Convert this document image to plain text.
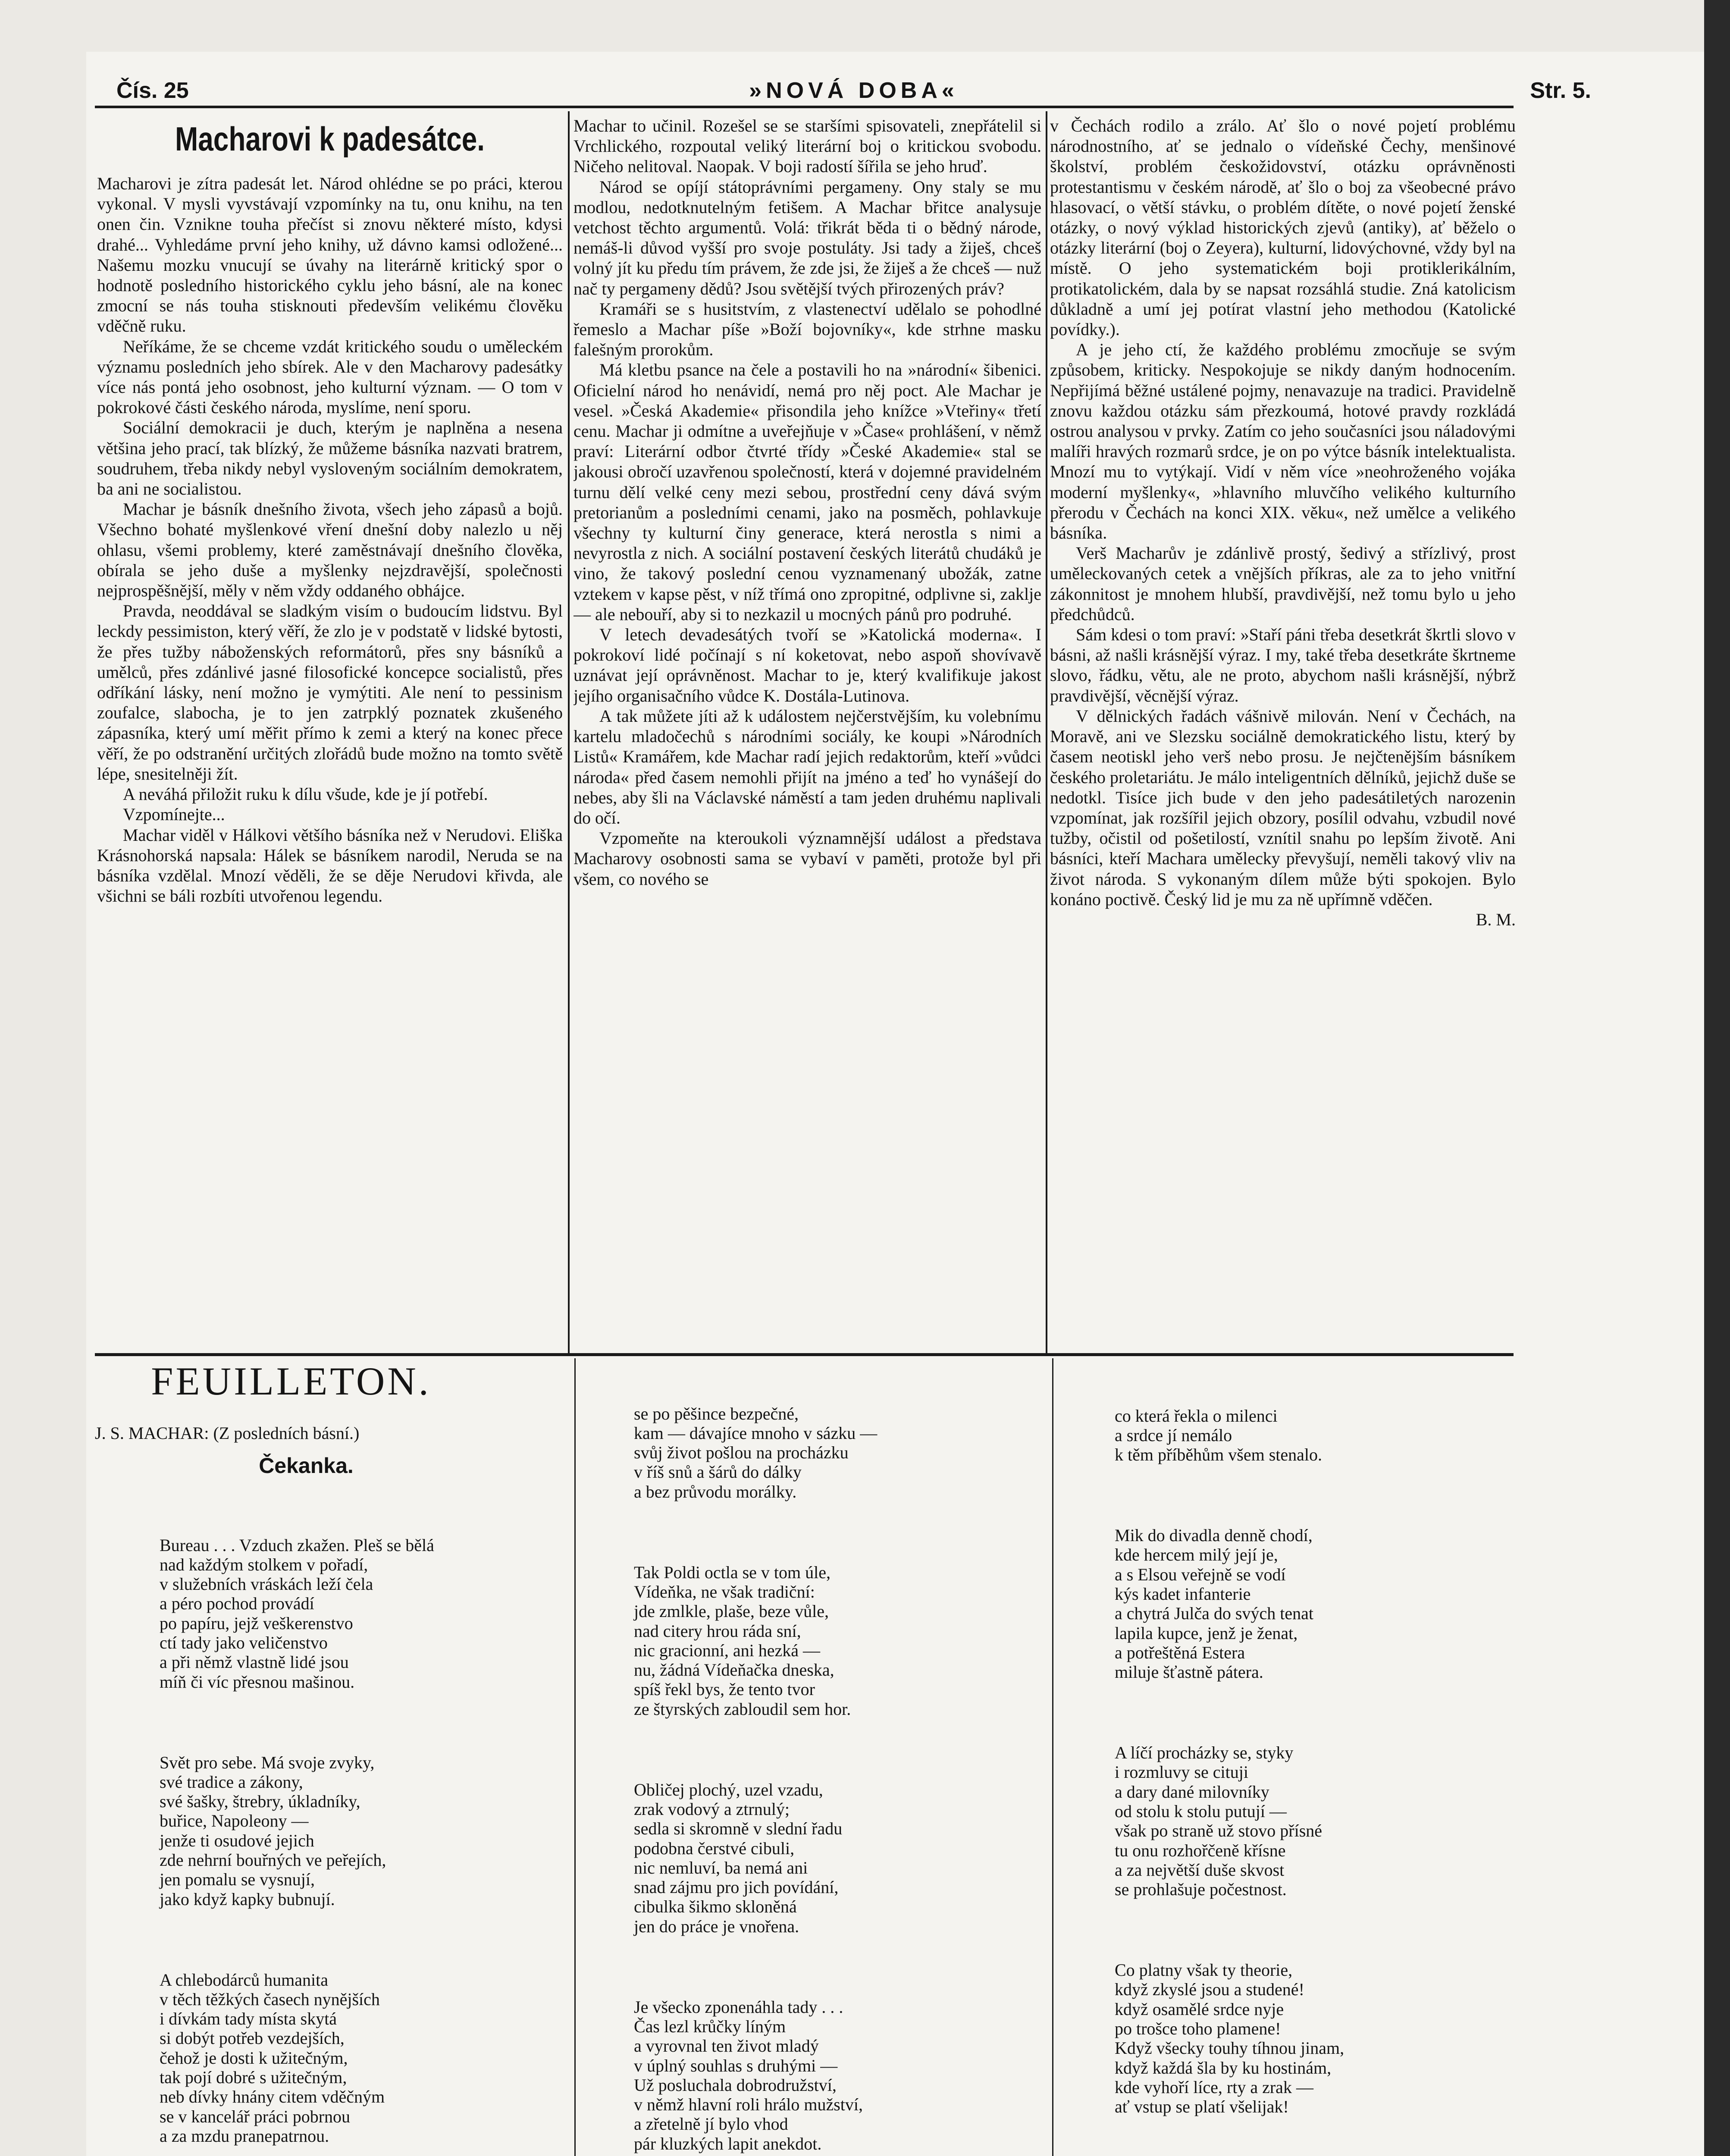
Čís. 25	»NOVÁ DOBA«	Str. 5.
Macharovi k padesátce.

Macharovi je zítra padesát let. Národ ohlédne se po práci, kterou vykonal. V mysli vyvstávají vzpomínky na tu, onu knihu, na ten onen čin. Vznikne touha přečíst si znovu některé místo, kdysi drahé... Vyhledáme první jeho knihy, už dávno kamsi odložené... Našemu mozku vnucují se úvahy na literárně kritický spor o hodnotě posledního historického cyklu jeho básní, ale na konec zmocní se nás touha stisknouti především velikému člověku vděčně ruku.

Neříkáme, že se chceme vzdát kritického soudu o uměleckém významu posledních jeho sbírek. Ale v den Macharovy padesátky více nás pontá jeho osobnost, jeho kulturní význam. — O tom v pokrokové části českého národa, myslíme, není sporu.

Sociální demokracii je duch, kterým je naplněna a nesena většina jeho prací, tak blízký, že můžeme básníka nazvati bratrem, soudruhem, třeba nikdy nebyl vysloveným sociálním demokratem, ba ani ne socialistou.

Machar je básník dnešního života, všech jeho zápasů a bojů. Všechno bohaté myšlenkové vření dnešní doby nalezlo u něj ohlasu, všemi problemy, které zaměstnávají dnešního člověka, obírala se jeho duše a myšlenky nejzdravější, společnosti nejprospěšnější, měly v něm vždy oddaného obhájce.

Pravda, neoddával se sladkým visím o budoucím lidstvu. Byl leckdy pessimiston, který věří, že zlo je v podstatě v lidské bytosti, že přes tužby náboženských reformátorů, přes sny básníků a umělců, přes zdánlivé jasné filosofické koncepce socialistů, přes odříkání lásky, není možno je vymýtiti. Ale není to pessinism zoufalce, slabocha, je to jen zatrpklý poznatek zkušeného zápasníka, který umí měřit přímo k zemi a který na konec přece věří, že po odstranění určitých zlořádů bude možno na tomto světě lépe, snesitelněji žít.

A neváhá přiložit ruku k dílu všude, kde je jí potřebí.

Vzpomínejte...

Machar viděl v Hálkovi většího básníka než v Nerudovi. Eliška Krásnohorská napsala: Hálek se básníkem narodil, Neruda se na básníka vzdělal. Mnozí věděli, že se děje Nerudovi křivda, ale všichni se báli rozbíti utvořenou legendu.

Machar to učinil. Rozešel se se staršími spisovateli, znepřátelil si Vrchlického, rozpoutal veliký literární boj o kritickou svobodu. Ničeho nelitoval. Naopak. V boji radostí šířila se jeho hruď.

Národ se opíjí státoprávními pergameny. Ony staly se mu modlou, nedotknutelným fetišem. A Machar břitce analysuje vetchost těchto argumentů. Volá: třikrát běda ti o bědný národe, nemáš-li důvod vyšší pro svoje postuláty. Jsi tady a žiješ, chceš volný jít ku předu tím právem, že zde jsi, že žiješ a že chceš — nuž nač ty pergameny dědů? Jsou světější tvých přirozených práv?

Kramáři se s husitstvím, z vlastenectví udělalo se pohodlné řemeslo a Machar píše »Boží bojovníky«, kde strhne masku falešným prorokům.

Má kletbu psance na čele a postavili ho na »národní« šibenici. Oficielní národ ho nenávidí, nemá pro něj poct. Ale Machar je vesel. »Česká Akademie« přisondila jeho knížce »Vteřiny« třetí cenu. Machar ji odmítne a uveřejňuje v »Čase« prohlášení, v němž praví: Literární odbor čtvrté třídy »České Akademie« stal se jakousi obročí uzavřenou společností, která v dojemné pravidelném turnu dělí velké ceny mezi sebou, prostřední ceny dává svým pretorianům a posledními cenami, jako na posměch, pohlavkuje všechny ty kulturní činy generace, která nerostla s nimi a nevyrostla z nich. A sociální postavení českých literátů chudáků je vino, že takový poslední cenou vyznamenaný ubožák, zatne vztekem v kapse pěst, v níž třímá ono zpropitné, odplivne si, zaklje — ale nebouří, aby si to nezkazil u mocných pánů pro podruhé.

V letech devadesátých tvoří se »Katolická moderna«. I pokrokoví lidé počínají s ní koketovat, nebo aspoň shovívavě uznávat její oprávněnost. Machar to je, který kvalifikuje jakost jejího organisačního vůdce K. Dostála-Lutinova.

A tak můžete jíti až k událostem nejčerstvějším, ku volebnímu kartelu mladočechů s národními sociály, ke koupi »Národních Listů« Kramářem, kde Machar radí jejich redaktorům, kteří »vůdci národa« před časem nemohli přijít na jméno a teď ho vynášejí do nebes, aby šli na Václavské náměstí a tam jeden druhému naplivali do očí.

Vzpomeňte na kteroukoli významnější událost a představa Macharovy osobnosti sama se vybaví v paměti, protože byl při všem, co nového se

v Čechách rodilo a zrálo. Ať šlo o nové pojetí problému národnostního, ať se jednalo o vídeňské Čechy, menšinové školství, problém českožidovství, otázku oprávněnosti protestantismu v českém národě, ať šlo o boj za všeobecné právo hlasovací, o větší stávku, o problém dítěte, o nové pojetí ženské otázky, o nový výklad historických zjevů (antiky), ať běželo o otázky literární (boj o Zeyera), kulturní, lidovýchovné, vždy byl na místě. O jeho systematickém boji protiklerikálním, protikatolickém, dala by se napsat rozsáhlá studie. Zná katolicism důkladně a umí jej potírat vlastní jeho methodou (Katolické povídky.).

A je jeho ctí, že každého problému zmocňuje se svým způsobem, kriticky. Nespokojuje se nikdy daným hodnocením. Nepřijímá běžné ustálené pojmy, nenavazuje na tradici. Pravidelně znovu každou otázku sám přezkoumá, hotové pravdy rozkládá ostrou analysou v prvky. Zatím co jeho současníci jsou náladovými malíři hravých rozmarů srdce, je on po výtce básník intelektualista. Mnozí mu to vytýkají. Vidí v něm více »neohroženého vojáka moderní myšlenky«, »hlavního mluvčího velikého kulturního přerodu v Čechách na konci XIX. věku«, než umělce a velikého básníka.

Verš Macharův je zdánlivě prostý, šedivý a střízlivý, prost uměleckovaných cetek a vnějších příkras, ale za to jeho vnitřní zákonnitost je mnohem hlubší, pravdivější, než tomu bylo u jeho předchůdců.

Sám kdesi o tom praví: »Staří páni třeba desetkrát škrtli slovo v básni, až našli krásnější výraz. I my, také třeba desetkráte škrtneme slovo, řádku, větu, ale ne proto, abychom našli krásnější, nýbrž pravdivější, věcnější výraz.

V dělnických řadách vášnivě milován. Není v Čechách, na Moravě, ani ve Slezsku sociálně demokratického listu, který by časem neotiskl jeho verš nebo prosu. Je nejčtenějším básníkem českého proletariátu. Je málo inteligentních dělníků, jejichž duše se nedotkl. Tisíce jich bude v den jeho padesátiletých narozenin vzpomínat, jak rozšířil jejich obzory, posílil odvahu, vzbudil nové tužby, očistil od pošetilostí, vznítil snahu po lepším životě. Ani básníci, kteří Machara umělecky převyšují, neměli takový vliv na život národa. S vykonaným dílem může býti spokojen. Bylo konáno poctivě. Český lid je mu za ně upřímně vděčen.

B. M.
FEUILLETON.
J. S. MACHAR: (Z posledních básní.)
Čekanka.

Bureau . . . Vzduch zkažen. Pleš se bělá
nad každým stolkem v pořadí,
v služebních vráskách leží čela
a péro pochod provádí
po papíru, jejž veškerenstvo
ctí tady jako veličenstvo
a při němž vlastně lidé jsou
míň či víc přesnou mašinou.

Svět pro sebe. Má svoje zvyky,
své tradice a zákony,
své šašky, štrebry, úkladníky,
buřice, Napoleony —
jenže ti osudové jejich
zde nehrní bouřných ve peřejích,
jen pomalu se vysnují,
jako když kapky bubnují.

A chlebodárců humanita
v těch těžkých časech nynějších
i dívkám tady místa skytá
si dobýt potřeb vezdejších,
čehož je dosti k užitečným,
tak pojí dobré s užitečným,
neb dívky hnány citem vděčným
se v kancelář práci pobrnou
a za mzdu pranepatrnou.

se po pěšince bezpečné,
kam — dávajíce mnoho v sázku —
svůj život pošlou na procházku
v říš snů a šárů do dálky
a bez průvodu morálky.

Tak Poldi octla se v tom úle,
Vídeňka, ne však tradiční:
jde zmlkle, plaše, beze vůle,
nad citery hrou ráda sní,
nic gracionní, ani hezká —
nu, žádná Vídeňačka dneska,
spíš řekl bys, že tento tvor
ze štyrských zabloudil sem hor.

Obličej plochý, uzel vzadu,
zrak vodový a ztrnulý;
sedla si skromně v slední řadu
podobna čerstvé cibuli,
nic nemluví, ba nemá ani
snad zájmu pro jich povídání,
cibulka šikmo skloněná
jen do práce je vnořena.

Je všecko zponenáhla tady . . .
Čas lezl krůčky líným
a vyrovnal ten život mladý
v úplný souhlas s druhými —
Už posluchala dobrodružství,
v němž hlavní roli hrálo mužství,
a zřetelně jí bylo vhod
pár kluzkých lapit anekdot.

co která řekla o milenci
a srdce jí nemálo
k těm příběhům všem stenalo.

Mik do divadla denně chodí,
kde hercem milý její je,
a s Elsou veřejně se vodí
kýs kadet infanterie
a chytrá Julča do svých tenat
lapila kupce, jenž je ženat,
a potřeštěná Estera
miluje šťastně pátera.

A líčí procházky se, styky
i rozmluvy se cituji
a dary dané milovníky
od stolu k stolu putují —
však po straně už stovo přísné
tu onu rozhořčeně křísne
a za největší duše skvost
se prohlašuje počestnost.

Co platny však ty theorie,
když zkyslé jsou a studené!
když osamělé srdce nyje
po trošce toho plamene!
Když všecky touhy tíhnou jinam,
když každá šla by ku hostinám,
kde vyhoří líce, rty a zrak —
ať vstup se platí všelijak!
